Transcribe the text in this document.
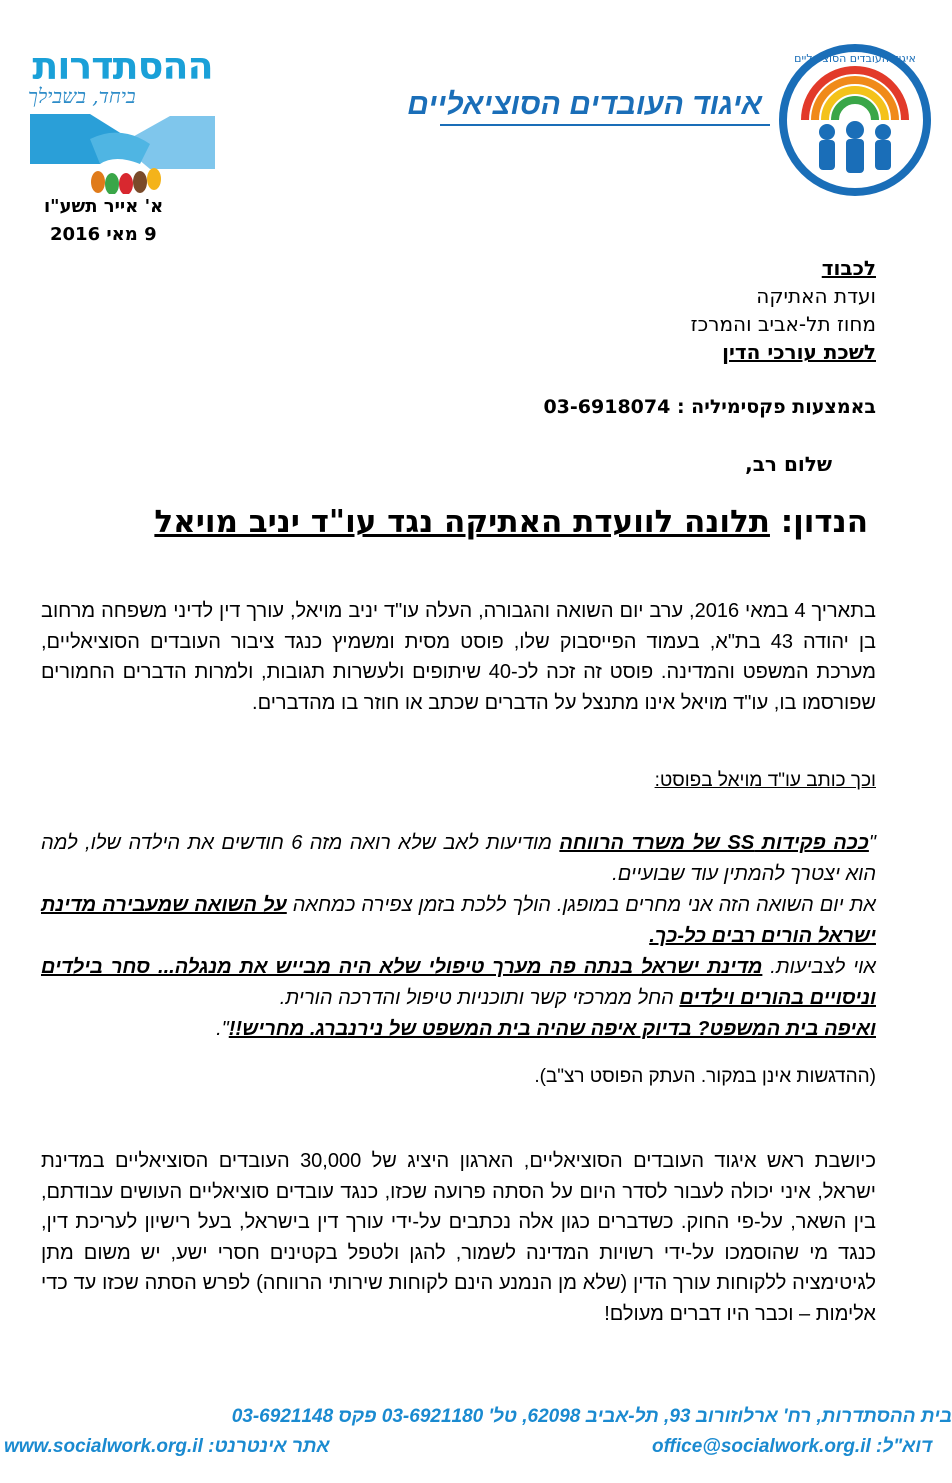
ההסתדרות
ביחד, בשבילך
איגוד העובדים הסוציאליים
איגוד העובדים הסוציאליים
א' אייר תשע"ו
9 מאי 2016
לכבוד
ועדת האתיקה
מחוז תל-אביב והמרכז
לשכת עורכי הדין
באמצעות פקסימיליה : 03-6918074
שלום רב,
הנדון: תלונה לוועדת האתיקה נגד עו"ד יניב מויאל

בתאריך 4 במאי 2016, ערב יום השואה והגבורה, העלה עו"ד יניב מויאל, עורך דין לדיני משפחה מרחוב בן יהודה 43 בת"א, בעמוד הפייסבוק שלו, פוסט מסית ומשמיץ כנגד ציבור העובדים הסוציאליים, מערכת המשפט והמדינה. פוסט זה זכה לכ-40 שיתופים ולעשרות תגובות, ולמרות הדברים החמורים שפורסמו בו, עו"ד מויאל אינו מתנצל על הדברים שכתב או חוזר בו מהדברים.

וכך כותב עו"ד מויאל בפוסט:
"ככה פקידות SS של משרד הרווחה מודיעות לאב שלא רואה מזה 6 חודשים את הילדה שלו, למה הוא יצטרך להמתין עוד שבועיים.
את יום השואה הזה אני מחרים במופגן. הולך ללכת בזמן צפירה כמחאה על השואה שמעבירה מדינת ישראל הורים רבים כל-כך.
אוי לצביעות. מדינת ישראל בנתה פה מערך טיפולי שלא היה מבייש את מנגלה... סחר בילדים וניסויים בהורים וילדים החל ממרכזי קשר ותוכניות טיפול והדרכה הורית.
ואיפה בית המשפט? בדיוק איפה שהיה בית המשפט של נירנברג. מחריש!!".
(ההדגשות אינן במקור. העתק הפוסט רצ"ב).

כיושבת ראש איגוד העובדים הסוציאליים, הארגון היציג של 30,000 העובדים הסוציאליים במדינת ישראל, איני יכולה לעבור לסדר היום על הסתה פרועה שכזו, כנגד עובדים סוציאליים העושים עבודתם, בין השאר, על-פי החוק. כשדברים כגון אלה נכתבים על-ידי עורך דין בישראל, בעל רישיון לעריכת דין, כנגד מי שהוסמכו על-ידי רשויות המדינה לשמור, להגן ולטפל בקטינים חסרי ישע, יש משום מתן לגיטימציה ללקוחות עורך הדין (שלא מן הנמנע הינם לקוחות שירותי הרווחה) לפרש הסתה שכזו עד כדי אלימות – וכבר היו דברים מעולם!

בית ההסתדרות, רח' ארלוזורוב 93, תל-אביב 62098, טל' 03-6921180 פקס 03-6921148
דוא"ל: office@socialwork.org.il
אתר אינטרנט: www.socialwork.org.il
